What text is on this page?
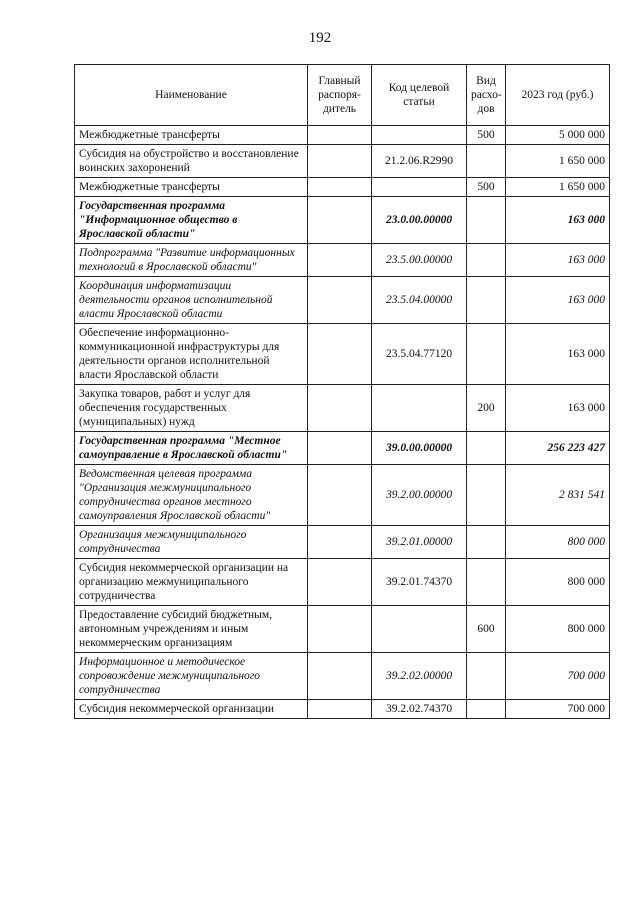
192
Наименование	Главный распоря-дитель	Код целевой статьи	Вид расхо-дов	2023 год (руб.)
Межбюджетные трансферты			500	5 000 000
Субсидия на обустройство и восстановление воинских захоронений		21.2.06.R2990		1 650 000
Межбюджетные трансферты			500	1 650 000
Государственная программа "Информационное общество в Ярославской области"		23.0.00.00000		163 000
Подпрограмма "Развитие информационных технологий в Ярославской области"		23.5.00.00000		163 000
Координация информатизации деятельности органов исполнительной власти Ярославской области		23.5.04.00000		163 000
Обеспечение информационно-коммуникационной инфраструктуры для деятельности органов исполнительной власти Ярославской области		23.5.04.77120		163 000
Закупка товаров, работ и услуг для обеспечения государственных (муниципальных) нужд			200	163 000
Государственная программа "Местное самоуправление в Ярославской области"		39.0.00.00000		256 223 427
Ведомственная целевая программа "Организация межмуниципального сотрудничества органов местного самоуправления Ярославской области"		39.2.00.00000		2 831 541
Организация межмуниципального сотрудничества		39.2.01.00000		800 000
Субсидия некоммерческой организации на организацию межмуниципального сотрудничества		39.2.01.74370		800 000
Предоставление субсидий бюджетным, автономным учреждениям и иным некоммерческим организациям			600	800 000
Информационное и методическое сопровождение межмуниципального сотрудничества		39.2.02.00000		700 000
Субсидия некоммерческой организации		39.2.02.74370		700 000
